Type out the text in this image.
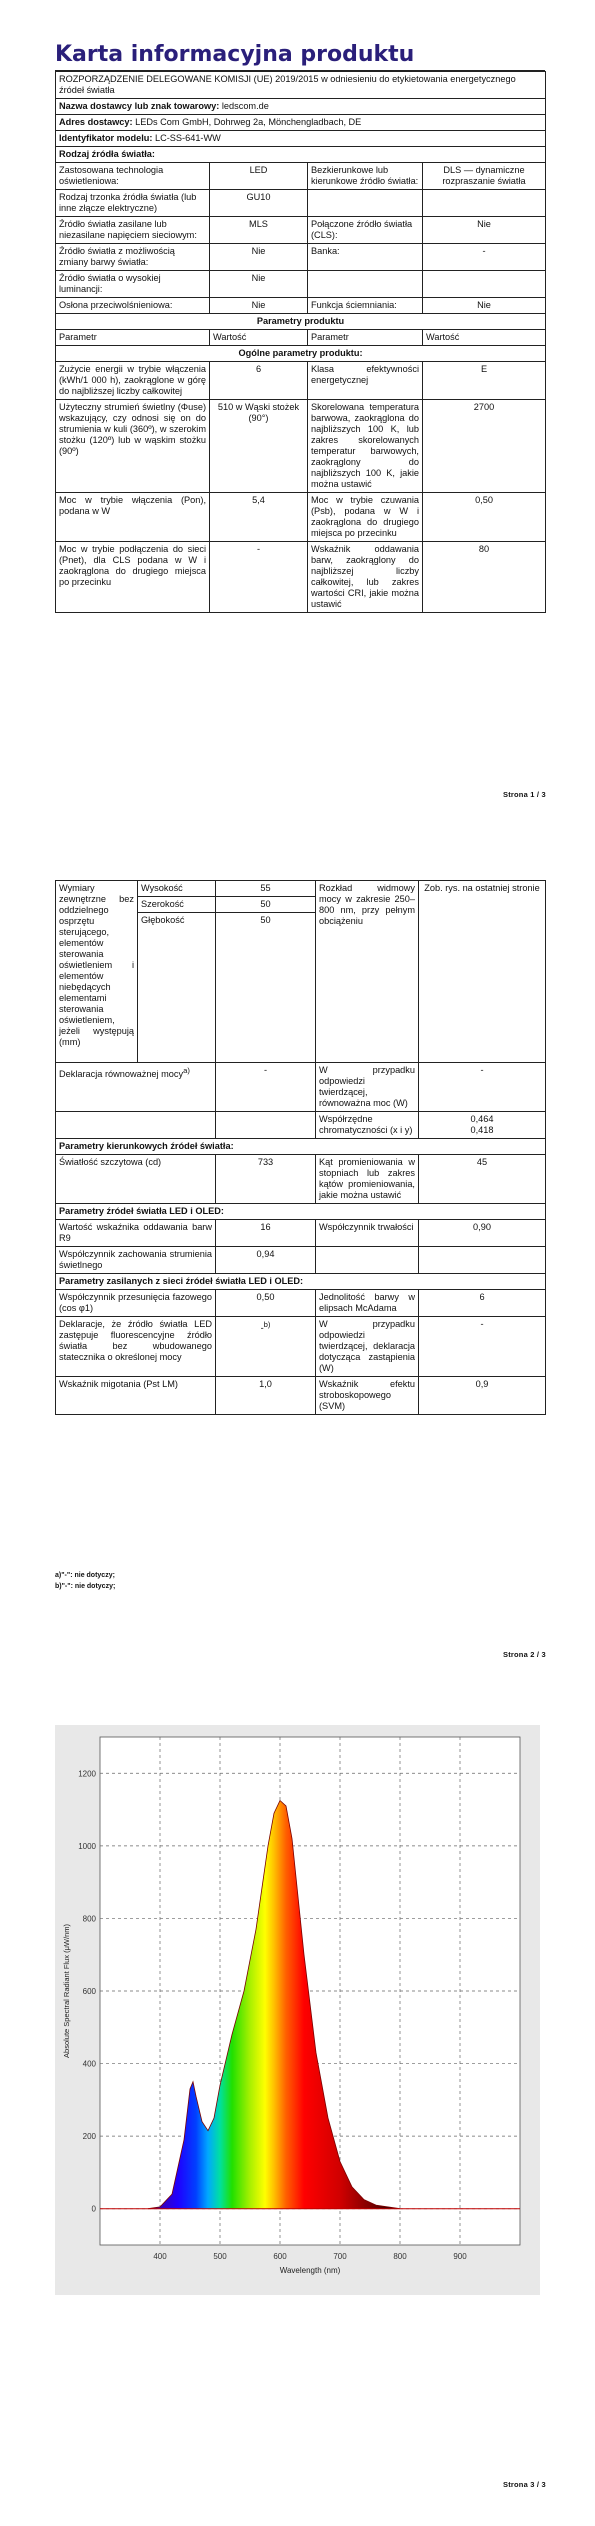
Karta informacyjna produktu
ROZPORZĄDZENIE DELEGOWANE KOMISJI (UE) 2019/2015 w odniesieniu do etykietowania energetycznego źródeł światła			
Nazwa dostawcy lub znak towarowy: ledscom.de			
Adres dostawcy: LEDs Com GmbH, Dohrweg 2a, Mönchengladbach, DE			
Identyfikator modelu: LC-SS-641-WW			
Rodzaj źródła światła:			
Zastosowana technologia oświetleniowa:	LED	Bezkierunkowe lub kierunkowe źródło światła:	DLS — dynamiczne rozpraszanie światła
Rodzaj trzonka źródła światła (lub inne złącze elektryczne)	GU10		
Źródło światła zasilane lub niezasilane napięciem sieciowym:	MLS	Połączone źródło światła (CLS):	Nie
Źródło światła z możliwością zmiany barwy światła:	Nie	Banka:	-
Źródło światła o wysokiej luminancji:	Nie		
Osłona przeciwolśnieniowa:	Nie	Funkcja ściemniania:	Nie
Parametry produktu			
Parametr	Wartość	Parametr	Wartość
Ogólne parametry produktu:			
Zużycie energii w trybie włączenia (kWh/1 000 h), zaokrąglone w górę do najbliższej liczby całkowitej	6	Klasa efektywności energetycznej	E
Użyteczny strumień świetlny (Φuse) wskazujący, czy odnosi się on do strumienia w kuli (360º), w szerokim stożku (120º) lub w wąskim stożku (90º)	510 w Wąski stożek (90°)	Skorelowana temperatura barwowa, zaokrąglona do najbliższych 100 K, lub zakres skorelowanych temperatur barwowych, zaokrąglony do najbliższych 100 K, jakie można ustawić	2700
Moc w trybie włączenia (Pon), podana w W	5,4	Moc w trybie czuwania (Psb), podana w W i zaokrąglona do drugiego miejsca po przecinku	0,50
Moc w trybie podłączenia do sieci (Pnet), dla CLS podana w W i zaokrąglona do drugiego miejsca po przecinku	-	Wskaźnik oddawania barw, zaokrąglony do najbliższej liczby całkowitej, lub zakres wartości CRI, jakie można ustawić	80
Strona 1 / 3
Wymiary zewnętrzne bez oddzielnego osprzętu sterującego, elementów sterowania oświetleniem i elementów niebędących elementami sterowania oświetleniem, jeżeli występują (mm)	Wysokość	55	Rozkład widmowy mocy w zakresie 250–800 nm, przy pełnym obciążeniu	Zob. rys. na ostatniej stronie
	Szerokość	50		
	Głębokość	50		
Deklaracja równoważnej mocy$^{a)}$		-	W przypadku odpowiedzi twierdzącej, równoważna moc (W)	-
			Współrzędne chromatyczności (x i y)	0,464
0,418
Parametry kierunkowych źródeł światła:				
Światłość szczytowa (cd)		733	Kąt promieniowania w stopniach lub zakres kątów promieniowania, jakie można ustawić	45
Parametry źródeł światła LED i OLED:				
Wartość wskaźnika oddawania barw R9		16	Współczynnik trwałości	0,90
Współczynnik zachowania strumienia świetlnego		0,94		
Parametry zasilanych z sieci źródeł światła LED i OLED:				
Współczynnik przesunięcia fazowego (cos φ1)		0,50	Jednolitość barwy w elipsach McAdama	6
Deklaracje, że źródło światła LED zastępuje fluorescencyjne źródło światła bez wbudowanego statecznika o określonej mocy		-$^{b)}$	W przypadku odpowiedzi twierdzącej, deklaracja dotycząca zastąpienia (W)	-
Wskaźnik migotania (Pst LM)		1,0	Wskaźnik efektu stroboskopowego (SVM)	0,9
a)"-": nie dotyczy;
b)"-": nie dotyczy;
Strona 2 / 3
400	500	600	700	800	900
0
200
400
600
800
1000
1200
Wavelength (nm)
Absolute Spectral Radiant Flux (μW/nm)
Strona 3 / 3
